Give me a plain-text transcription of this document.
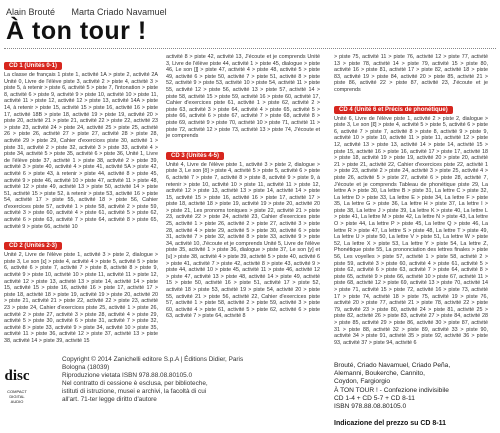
Alain Brouté Marta Criado Navamuel
À ton tour !
CD 1 (Unités 0-1)
La classe de français 1 piste 1, activité 1A > piste 2, activité 2A Unité 0, Livre de l'élève piste 3, activité 2 > piste 4, activité 3 > piste 5, à retenir > piste 6, activité 5 > piste 7, l'intonation > piste 8, activité 6 > piste 9, activité 9 > piste 10, activité 10 > piste 11, activité 11 > piste 12, activité 12 > piste 13, activité 14A > piste 14, à retenir > piste 15, activité 15 > piste 16, activité 16 > piste 17, activité 18B > piste 18, activité 19 > piste 19, activité 20 > piste 20, activité 21 > piste 21, activité 22 > piste 22, activité 23 > piste 23, activité 24 > piste 24, activité 25 > piste 25, activité 26 > piste 26, activité 27 > piste 27, activité 28 > piste 28, activité 29 > piste 29, Cahier d'exercices piste 30, activité 1 > piste 31, activité 2 > piste 32, activité 3 > piste 33, activité 4 > piste 34, activité 5 > piste 35, activité 6 > piste 36, Unité 1, Livre de l'élève piste 37, activité 1 > piste 38, activité 2 > piste 39, activité 3 > piste 40, activité 4 > piste 41, activité 5A > piste 42, activité 6 > piste 43, à retenir > piste 44, activité 8 > piste 45, activité 9 > piste 46, activité 10 > piste 47, activité 11 > piste 48, activité 12 > piste 49, activité 13 > piste 50, activité 14 > piste 51, activité 15 > piste 52, à retenir > piste 53, activité 16 > piste 54, activité 17 > piste 55, activité 18 > piste 56, Cahier d'exercices piste 57, activité 1 > piste 58, activité 2 > piste 59, activité 3 > piste 60, activité 4 > piste 61, activité 5 > piste 62, activité 6 > piste 63, activité 7 > piste 64, activité 8 > piste 65, activité 9 > piste 66, activité 10
CD 2 (Unités 2-3)
Unité 2, Livre de l'élève piste 1, activité 3 > piste 2, dialogue > piste 3, Le son [ɛ] > piste 4, activité 4 > piste 5, activité 5 > piste 6, activité 6 > piste 7, activité 7 > piste 8, activité 8 > piste 9, activité 9 > piste 10, activité 10 > piste 11, activité 11 > piste 12, activité 12 > piste 13, activité 13 > piste 14, activité 14 > piste 15, activité 15 > piste 16, activité 16 > piste 17, activité 17 > piste 18, activité 18 > piste 19, activité 19 > piste 20, activité 20 > piste 21, activité 21 > piste 22, activité 22 > piste 23, activité 23 > piste 24, Cahier d'exercices piste 25, activité 1 > piste 26, activité 2 > piste 27, activité 3 > piste 28, activité 4 > piste 29, activité 5 > piste 30, activité 6 > piste 31, activité 7 > piste 32, activité 8 > piste 33, activité 9 > piste 34, activité 10 > piste 35, activité 11 > piste 36, activité 12 > piste 37, activité 13 > piste 38, activité 14 > piste 39, activité 15
activité 8 > piste 42, activité 13, J'écoute et je comprends Unité 3, Livre de l'élève piste 44, activité 1 > piste 45, dialogue > piste 46, Le son [ʃ] > piste 47, activité 4 > piste 48, activité 5 > piste 49, activité 6 > piste 50, activité 7 > piste 51, activité 8 > piste 52, activité 9 > piste 53, activité 10 > piste 54, activité 11 > piste 55, activité 12 > piste 56, activité 13 > piste 57, activité 14 > piste 58, activité 15 > piste 59, activité 16 > piste 60, activité 17, Cahier d'exercices piste 61, activité 1 > piste 62, activité 2 > piste 63, activité 3 > piste 64, activité 4 > piste 65, activité 5 > piste 66, activité 6 > piste 67, activité 7 > piste 68, activité 8 > piste 69, activité 9 > piste 70, activité 10 > piste 71, activité 11 > piste 72, activité 12 > piste 73, activité 13 > piste 74, J'écoute et je comprends
CD 3 (Unités 4-5)
Unité 4, Livre de l'élève piste 1, activité 3 > piste 2, dialogue > piste 3, Le son [õ] > piste 4, activité 5 > piste 5, activité 6 > piste 6, activité 7 > piste 7, activité 8 > piste 8, activité 9 > piste 9, à retenir > piste 10, activité 10 > piste 11, activité 11 > piste 12, activité 12 > piste 13, activité 13 > piste 14, activité 14 > piste 15, activité 15 > piste 16, activité 16 > piste 17, activité 17 > piste 18, activité 18 > piste 19, activité 19 > piste 20, activité 20 > piste 21, Les pronoms toniques > piste 22, activité 21 > piste 23, activité 22 > piste 24, activité 23, Cahier d'exercices piste 25, activité 1 > piste 26, activité 2 > piste 27, activité 3 > piste 28, activité 4 > piste 29, activité 5 > piste 30, activité 6 > piste 31, activité 7 > piste 32, activité 8 > piste 33, activité 9 > piste 34, activité 10, J'écoute et je comprends Unité 5, Livre de l'élève piste 35, activité 1 > piste 36, dialogue > piste 37, Le son [y] et [u] > piste 38, activité 4 > piste 39, activité 5 > piste 40, activité 6 > piste 41, activité 7 > piste 42, activité 8 > piste 43, activité 9 > piste 44, activité 10 > piste 45, activité 11 > piste 46, activité 12 > piste 47, activité 13 > piste 48, activité 14 > piste 49, activité 15 > piste 50, activité 16 > piste 51, activité 17 > piste 52, activité 18 > piste 53, activité 19 > piste 54, activité 20 > piste 55, activité 21 > piste 56, activité 22, Cahier d'exercices piste 57, activité 1 > piste 58, activité 2 > piste 59, activité 3 > piste 60, activité 4 > piste 61, activité 5 > piste 62, activité 6 > piste 63, activité 7 > piste 64, activité 8
> piste 75, activité 11 > piste 76, activité 12 > piste 77, activité 13 > piste 78, activité 14 > piste 79, activité 15 > piste 80, activité 16 > piste 81, activité 17 > piste 82, activité 18 > piste 83, activité 19 > piste 84, activité 20 > piste 85, activité 21 > piste 86, activité 22 > piste 87, activité 23, J'écoute et je comprends
CD 4 (Unité 6 et Précis de phonétique)
Unité 6, Livre de l'élève piste 1, activité 2 > piste 2, dialogue > piste 3, Le son [ɛ̃] > piste 4, activité 5 > piste 5, activité 6 > piste 6, activité 7 > piste 7, activité 8 > piste 8, activité 9 > piste 9, activité 10 > piste 10, activité 11 > piste 11, activité 12 > piste 12, activité 13 > piste 13, activité 14 > piste 14, activité 15 > piste 15, activité 16 > piste 16, activité 17 > piste 17, activité 18 > piste 18, activité 19 > piste 19, activité 20 > piste 20, activité 21 > piste 21, activité 22, Cahier d'exercices piste 22, activité 1 > piste 23, activité 2 > piste 24, activité 3 > piste 25, activité 4 > piste 26, activité 5 > piste 27, activité 6 > piste 28, activité 7, J'écoute et je comprends Tableau de phonétique piste 29, La lettre A > piste 30, La lettre B > piste 31, La lettre C > piste 32, La lettre D > piste 33, La lettre E > piste 34, La lettre F > piste 35, La lettre G > piste 36, La lettre H > piste 37, La lettre I > piste 38, La lettre J > piste 39, La lettre K > piste 40, La lettre L > piste 41, La lettre M > piste 42, La lettre N > piste 43, La lettre O > piste 44, La lettre P > piste 45, La lettre Q > piste 46, La lettre R > piste 47, La lettre S > piste 48, La lettre T > piste 49, La lettre U > piste 50, La lettre V > piste 51, La lettre W > piste 52, La lettre X > piste 53, La lettre Y > piste 54, La lettre Z, Phonétique piste 55, La prononciation des lettres finales > piste 56, Les voyelles > piste 57, activité 1 > piste 58, activité 2 > piste 59, activité 3 > piste 60, activité 4 > piste 61, activité 5 > piste 62, activité 6 > piste 63, activité 7 > piste 64, activité 8 > piste 65, activité 9 > piste 66, activité 10 > piste 67, activité 11 > piste 68, activité 12 > piste 69, activité 13 > piste 70, activité 14 > piste 71, activité 15 > piste 72, activité 16 > piste 73, activité 17 > piste 74, activité 18 > piste 75, activité 19 > piste 76, activité 20 > piste 77, activité 21 > piste 78, activité 22 > piste 79, activité 23 > piste 80, activité 24 > piste 81, activité 25 > piste 82, activité 26 > piste 83, activité 27 > piste 84, activité 28 > piste 85, activité 29 > piste 86, activité 30 > piste 87, activité 31 > piste 88, activité 32 > piste 89, activité 33 > piste 90, activité 34 > piste 91, activité 35 > piste 92, activité 36 > piste 93, activité 37 > piste 94, activité 6
disc
COMPACT DIGITAL AUDIO
Copyright © 2014 Zanichelli editore S.p.A | Éditions Didier, Paris
Bologna (18039)
Riproduzione vietata ISBN 978.88.08.80105.0
Nel contratto di cessione è esclusa, per biblioteche,
istituti di istruzione, musei e archivi, la facoltà di cui
all'art. 71-ter legge diritto d'autore
Brouté, Criado Navamuel, Criado Peña,
Alemanni, Boukerche, Cannito,
Coydon, Fargiorgio
À TON TOUR ! - Confezione indivisibile
CD 1-4 + CD 5-7 + CD 8-11
ISBN 978.88.08.80105.0
Indicazione del prezzo su CD 8-11
